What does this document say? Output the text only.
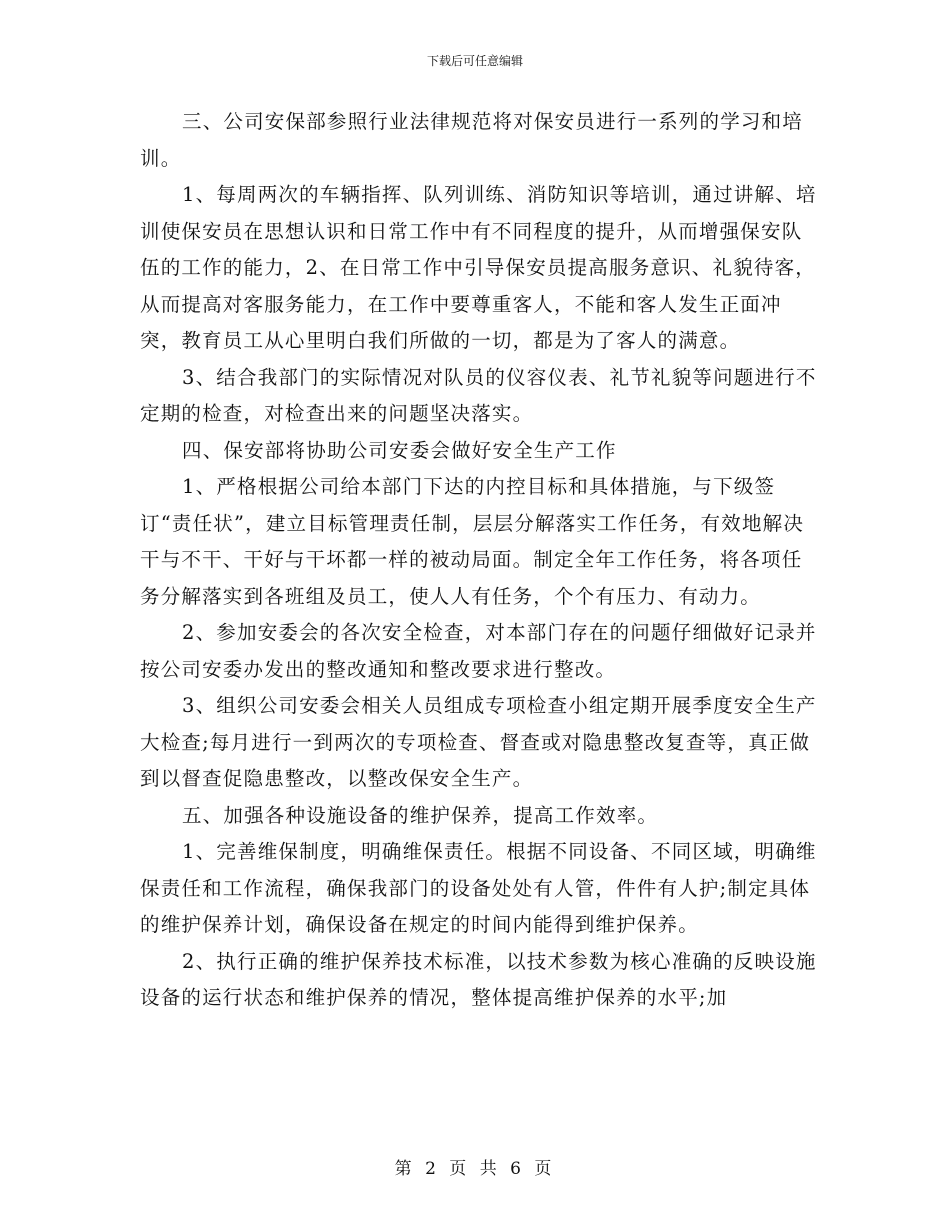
下载后可任意编辑

三、公司安保部参照行业法律规范将对保安员进行一系列的学习和培训。

1、每周两次的车辆指挥、队列训练、消防知识等培训，通过讲解、培训使保安员在思想认识和日常工作中有不同程度的提升，从而增强保安队伍的工作的能力，2、在日常工作中引导保安员提高服务意识、礼貌待客，从而提高对客服务能力，在工作中要尊重客人，不能和客人发生正面冲突，教育员工从心里明白我们所做的一切，都是为了客人的满意。

3、结合我部门的实际情况对队员的仪容仪表、礼节礼貌等问题进行不定期的检查，对检查出来的问题坚决落实。

四、保安部将协助公司安委会做好安全生产工作

1、严格根据公司给本部门下达的内控目标和具体措施，与下级签订“责任状”，建立目标管理责任制，层层分解落实工作任务，有效地解决干与不干、干好与干坏都一样的被动局面。制定全年工作任务，将各项任务分解落实到各班组及员工，使人人有任务，个个有压力、有动力。

2、参加安委会的各次安全检查，对本部门存在的问题仔细做好记录并按公司安委办发出的整改通知和整改要求进行整改。

3、组织公司安委会相关人员组成专项检查小组定期开展季度安全生产大检查;每月进行一到两次的专项检查、督查或对隐患整改复查等，真正做到以督查促隐患整改，以整改保安全生产。

五、加强各种设施设备的维护保养，提高工作效率。

1、完善维保制度，明确维保责任。根据不同设备、不同区域，明确维保责任和工作流程，确保我部门的设备处处有人管，件件有人护;制定具体的维护保养计划，确保设备在规定的时间内能得到维护保养。

2、执行正确的维护保养技术标准，以技术参数为核心准确的反映设施设备的运行状态和维护保养的情况，整体提高维护保养的水平;加

第 2 页 共 6 页
